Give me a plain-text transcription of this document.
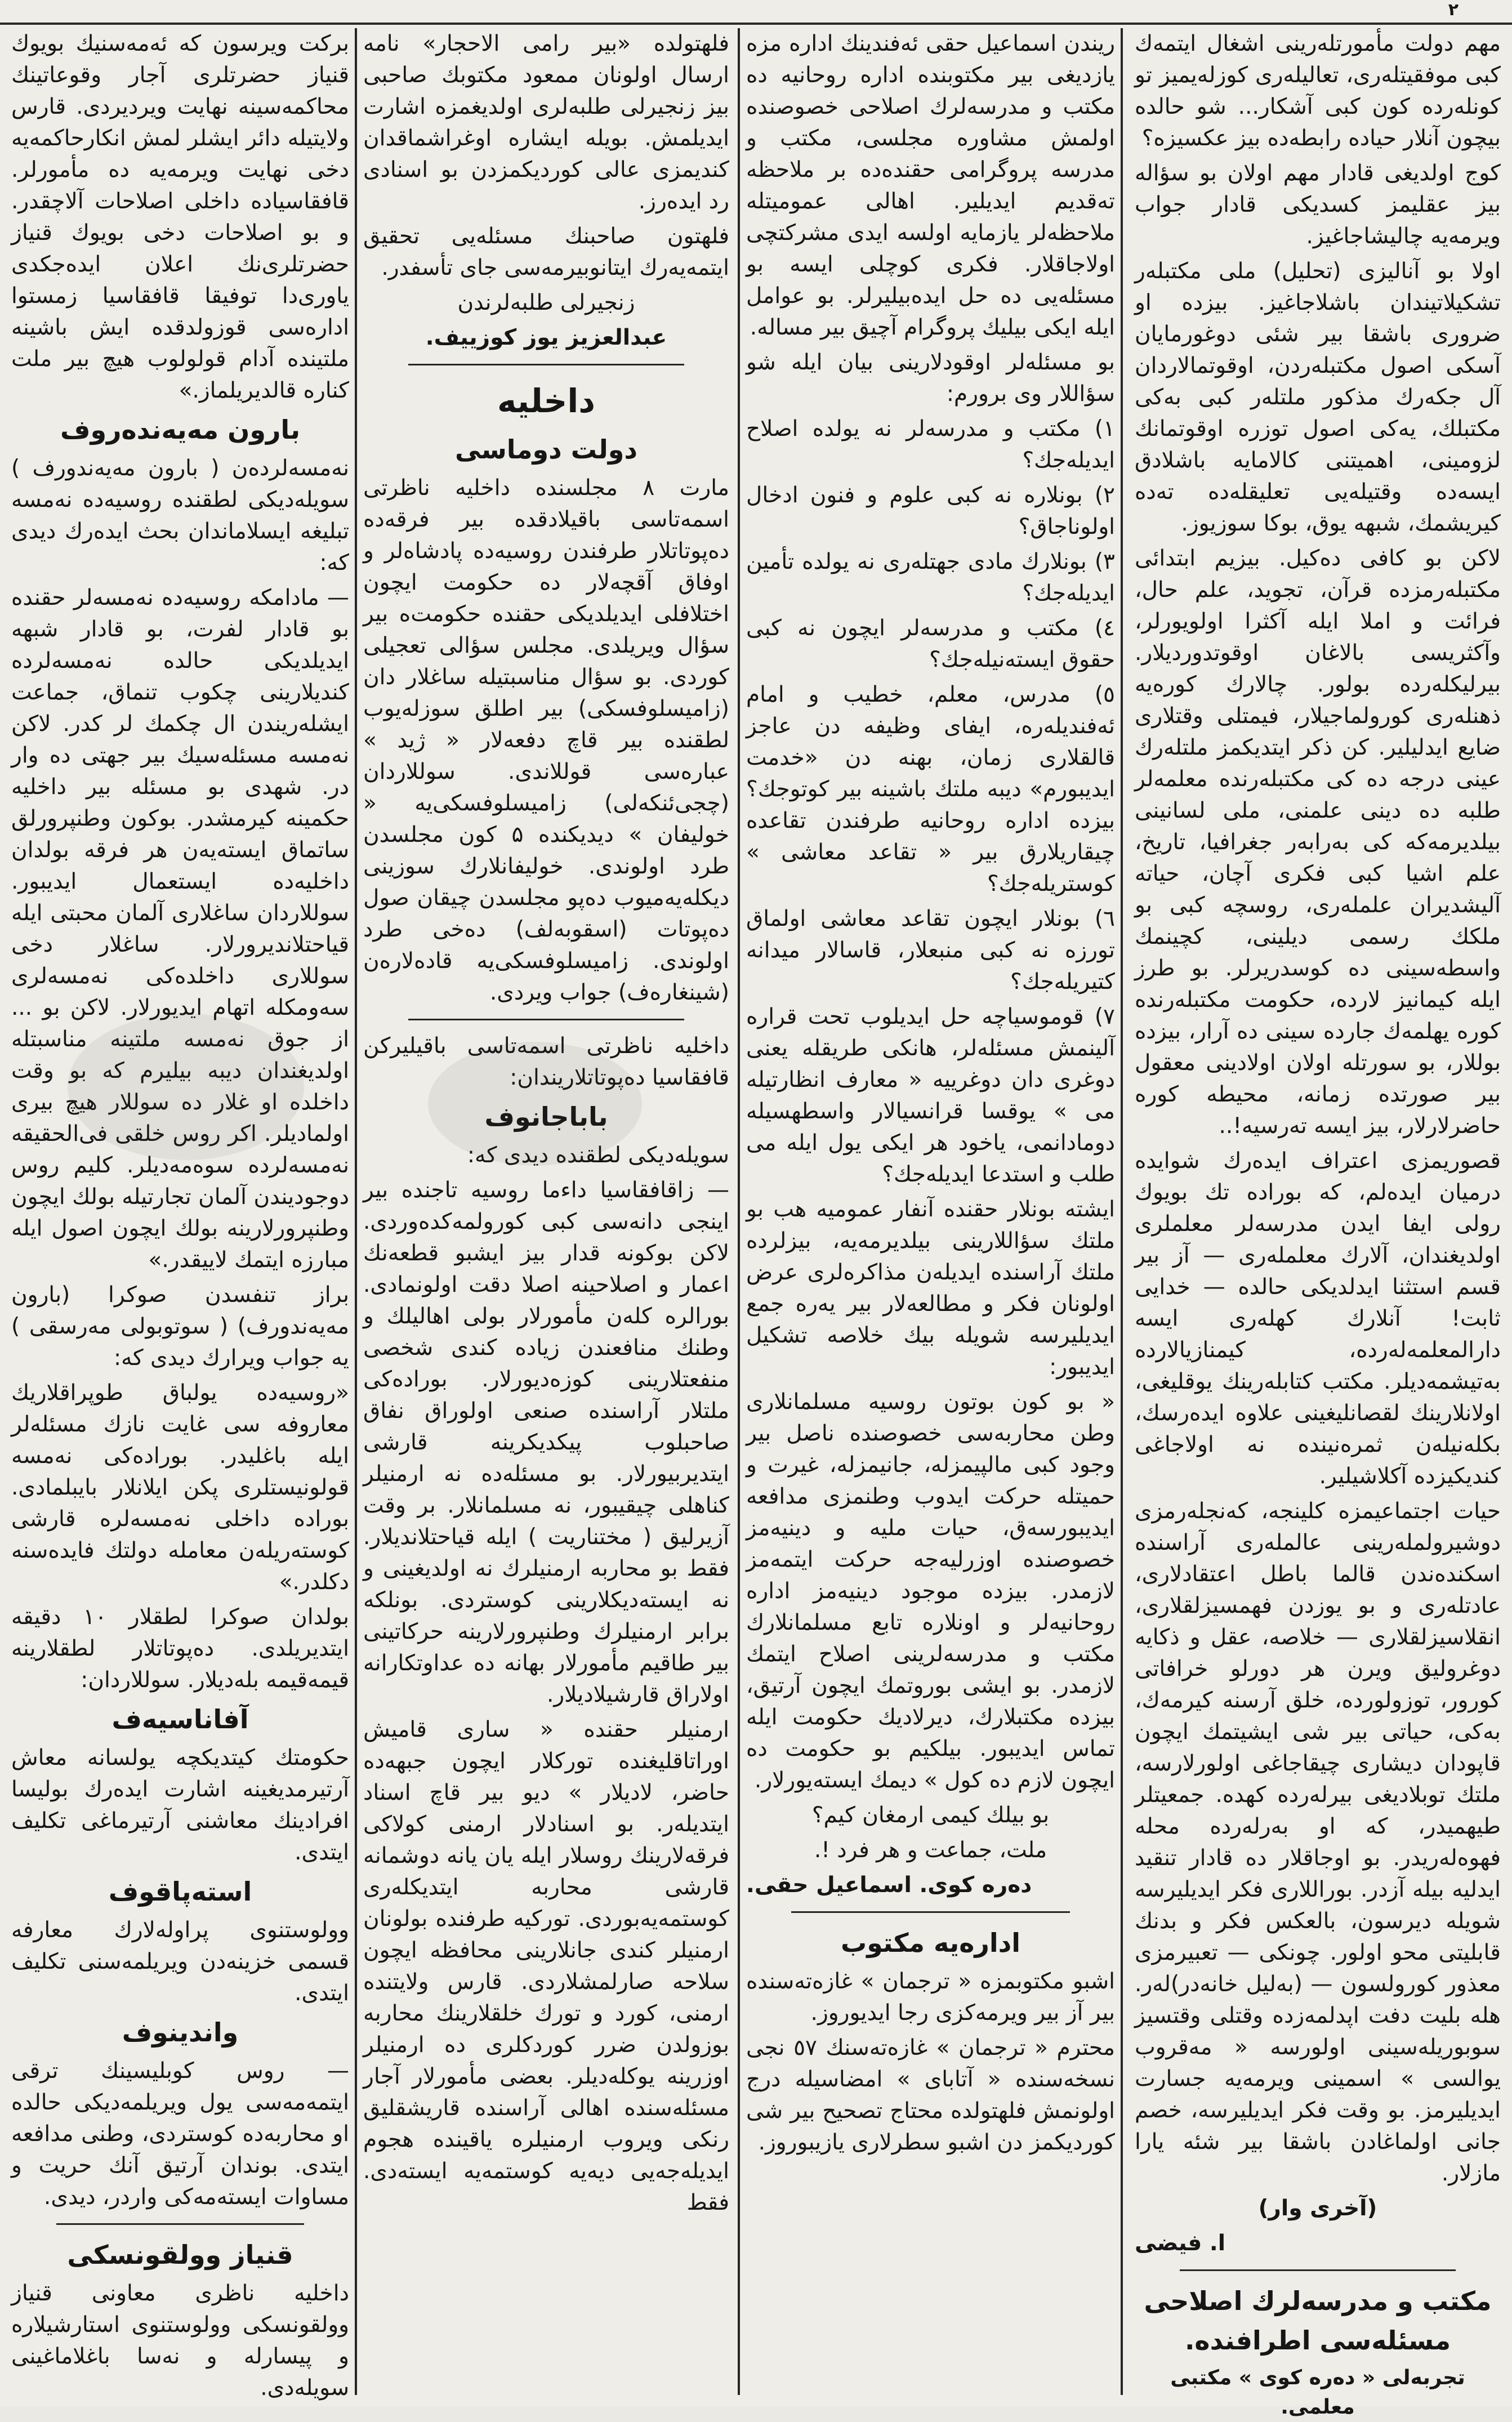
٢

مهم دولت مأمورتلەرینی اشغال ایتمەك کبی موفقیتلەری، تعالیلەری کوزلەیمیز تو کونلەرده کون کبی آشکار... شو حالده بیچون آنلار حیاده رابطەده بیز عکسیزه؟

کوج اولدیغی قادار مهم اولان بو سؤالە بیز عقلیمز کسدیکی قادار جواب ویرمەیه چالیشاجاغیز.

اولا بو آنالیزی (تحلیل) ملی مکتبلەر تشکیلاتیندان باشلاجاغیز. بیزده او ضروری باشقا بیر شئی دوغورمایان آسکی اصول مکتبلەردن، اوقوتمالاردان آل جکەرك مذکور ملتلەر کبی بەکی مکتبلك، یەکی اصول توزره اوقوتمانك لزومینی، اهمیتنی کالامایه باشلادق ایسەده وقتیلەیی تعلیقلەده تەده کیریشمك، شبهه یوق، بوکا سوزیوز.

لاکن بو کافی دەکیل. بیزیم ابتدائی مکتبلەرمزده قرآن، تجوید، علم حال، فرائت و املا ایله آکثرا اولویورلر، وآکثریسی بالاغان اوقوتدوردیلار. بیرلیکلەرده بولور. چالارك کورەیه ذهنلەری کورولماجیلار، فیمتلی وقتلاری ضایع ایدلیلیر. کن ذکر ایتدیکمز ملتلەرك عینی درجه ده کی مکتبلەرنده معلمەلر طلبه ده دینی علمنی، ملی لسانینی بیلدیرمەکه کی بەرابەر جغرافیا، تاریخ، علم اشیا کبی فکری آچان، حیاته آلیشدیران علملەری، روسچه کبی بو ملکك رسمی دیلینی، کچینمك واسطەسینی ده کوسدریرلر. بو طرز ایله کیمانیز لارده، حکومت مکتبلەرنده کوره یهلمەك جارده سینی ده آرار، بیزده بوللار، بو سورتله اولان اولادینی معقول بیر صورتده زمانه، محیطه کوره حاضرلارلار، بیز ایسه تەرسیه!..

قصوریمزی اعتراف ایدەرك شوایده درمیان ایدەلم، که بوراده تك بویوك رولی ایفا ایدن مدرسەلر معلملری اولدیغندان، آلارك معلملەری — آز بیر قسم استثنا ایدلدیکی حالده — خدایی ثابت! آنلارك کهلەری ایسه دارالمعلمەلەرده، کیمنازیالارده بەتیشمەدیلر. مکتب کتابلەرینك یوقلیغی، اولانلارینك لقصانلیغینی علاوه ایدەرسك، بکلەنیلەن ثمرەنیندە نه اولاجاغی کندیکیزده آکلاشیلیر.

حیات اجتماعیمزه کلینجه، کەنجلەرمزی دوشیرولملەرینی عالملەری آراسنده اسکندەندن قالما باطل اعتقادلاری، عادتلەری و بو یوزدن فهمسیزلقلاری، انقلاسیزلقلاری — خلاصه، عقل و ذکایه دوغرولیق ویرن هر دورلو خرافاتی کورور، توزولوردە، خلق آرسنه کیرمەك، بەکی، حیاتی بیر شی ایشیتمك ایچون قاپودان دیشاری چیقاجاغی اولورلارسه، ملتك توبلادیغی بیرلەرده کهده. جمعیتلر طیهمیدر، که او بەرلەرده محله فهوەلەریدر. بو اوجاقلار ده قادار تنقید ایدلیه بیله آزدر. بوراللاری فکر ایدیلیرسه شویله دیرسون، بالعکس فکر و بدنك قابلیتی محو اولور. چونکی — تعبیرمزی معذور کورولسون — (بەلیل خانەدر)لەر. هله بلیت دفت اپدلمەزده وقتلی وقتسیز سوبوریلەسینی اولورسه « مەقروب یوالسی » اسمینی ویرمەیه جسارت ایدیلیرمز. بو وقت فکر ایدیلیرسه، خصم جانی اولماغادن باشقا بیر شئه یارا مازلار.

(آخری وار)

ا. فیضی

مکتب و مدرسەلرك اصلاحی مسئلەسی اطرافنده.

تجربەلی « دەره کوی » مکتبی معلمی.

ریندن اسماعیل حقی ئەفندینك اداره مزه یازدیغی بیر مکتوبنده اداره روحانیه ده مکتب و مدرسەلرك اصلاحی خصوصنده اولمش مشاوره مجلسی، مکتب و مدرسه پروگرامی حقندەده بر ملاحظه تەقدیم ایدیلیر. اهالی عمومیتله ملاحظەلر یازمایه اولسه ایدی مشرکتچی اولاجاقلار. فکری کوچلی ایسه بو مسئلەیی ده حل ایدەبیلیرلر. بو عوامل ایله ایکی بیلیك پروگرام آچیق بیر مساله.

بو مسئلەلر اوقودلارینی بیان ایله شو سؤاللار وی برورم:

١) مکتب و مدرسەلر نه یولده اصلاح ایدیلەجك؟

٢) بونلاره نه کبی علوم و فنون ادخال اولوناجاق؟

٣) بونلارك مادی جهتلەری نه یولده تأمین ایدیلەجك؟

٤) مکتب و مدرسەلر ایچون نه کبی حقوق ایسته‌نیله‌جك؟

٥) مدرس، معلم، خطیب و امام ئەفندیلەره، ایفای وظیفه دن عاجز قالقلاری زمان، بهنه دن «خدمت ایدیبورم» دیبه ملتك باشینه بیر کوتوجك؟ بیزده اداره روحانیه طرفندن تقاعده چیقاریلارق بیر « تقاعد معاشی » کوستریلەجك؟

٦) بونلار ایچون تقاعد معاشی اولماق تورزه نه کبی منبعلار، قاسالار میدانه کتیریلەجك؟

٧) قوموسیاچه حل ایدیلوب تحت قراره آلینمش مسئلەلر، هانکی طریقله یعنی دوغری دان دوغرییه « معارف انظارتیله می » یوقسا قرانسیالار واسطهسیله دومادانمی، یاخود هر ایکی یول ایله می طلب و استدعا ایدیله‌جك؟

ایشته بونلار حقنده آنفار عمومیه هب بو ملتك سؤاللارینی بیلدیرمەیه، بیزلرده ملتك آراسنده ایدیلەن مذاکرەلری عرض اولونان فکر و مطالعه‌لار بیر یەره جمع ایدیلیرسه شویله بیك خلاصه تشکیل ایدیبور:

« بو کون بوتون روسیه مسلمانلاری وطن محاربه‌سی خصوصنده ناصل بیر وجود کبی مالپیمزله، جانیمزله، غیرت و حمیتله حرکت ایدوب وطنمزی مدافعه ایدیبورسه‌ق، حیات ملیه و دینیه‌مز خصوصنده اوزرلیه‌جه حرکت ایتمه‌مز لازمدر. بیزده موجود دینیه‌مز اداره روحانیه‌لر و اونلاره تابع مسلمانلارك مکتب و مدرسه‌لرینی اصلاح ایتمك لازمدر. بو ایشی بوروتمك ایچون آرتیق، بیزده مکتبلارك، دیرلادیك حکومت ایله تماس ایدیبور. بیلكیم بو حکومت ده ایچون لازم ده کول » دیمك ایسته‌یورلار.

بو بیلك کیمی ارمغان کیم؟

ملت، جماعت و هر فرد !.

دەره کوی. اسماعیل حقی.

اداره‌یه مکتوب

اشبو مکتوبمزه « ترجمان » غازەته‌سنده بیر آز بیر ویرمه‌کزی رجا ایدیوروز.

محترم « ترجمان » غازەته‌سنك ٥٧ نجی نسخه‌سنده « آتابای » امضاسیله درج اولونمش فلهتولده محتاج تصحیح بیر شی کوردیکمز دن اشبو سطرلاری یازیبوروز.

فلهتولده «بیر رامی الاحجار» نامه ارسال اولونان ممعود مکتوبك صاحبی بیز زنجیرلی طلبەلری اولدیغمزه اشارت ایدیلمش. بویله ایشاره اوغراشماقدان کندیمزی عالی کوردیکمزدن بو اسنادی رد ایدەرز.

فلهتون صاحبنك مسئله‌یی تحقیق ایتمه‌یه‌رك ایتانوبیرمه‌سی جای تأسفدر.

زنجیرلی طلبه‌لرندن

عبدالعزیز یوز کوزییف.

داخلیه

دولت دوماسی

مارت ٨ مجلسنده داخلیه ناظرتی اسمه‌تاسی باقیلادقده بیر فرقه‌ده دەپوتاتلار طرفندن روسیه‌ده پادشاه‌لر و اوفاق آقچه‌لار ده حکومت ایچون اختلافلی ایدیلدیکی حقنده حکومت‌ه بیر سؤال ویریلدی. مجلس سؤالی تعجیلی کوردی. بو سؤال مناسبتیله ساغلار دان (زامیسلوفسکی) بیر اطلق سوزلەیوب لطقنده بیر قاچ دفعه‌لار « ژید » عبارەسی قوللاندی. سوللاردان (چجی‌ئنکه‌لی) زامیسلوفسکی‌یه « خولیفان » دیدیکنده ۵ کون مجلسدن طرد اولوندی. خولیفانلارك سوزینی دیکلەیه‌میوب دەپو مجلسدن چیقان صول دەپوتات (اسقوبه‌لف) ده‌خی طرد اولوندی. زامیسلوفسکی‌یه قاده‌لاره‌ن (شینغاره‌ف) جواب ویردی.

داخلیه ناظرتی اسمه‌تاسی باقیلیرکن قافقاسیا دەپوتاتلاریندان:

باباجانوف

سویلەدیکی لطقنده دیدی که:

— زاقافقاسیا داءما روسیه تاجنده بیر اینجی دانه‌سی کبی کورولمه‌کده‌وردی. لاکن بوکونه قدار بیز ایشبو قطعه‌نك اعمار و اصلاحینه اصلا دقت اولونمادی. بورالره کلەن مأمورلار بولی اهالیلك و وطنك منافعندن زیاده کندی شخصی منفعتلارینی کوزه‌دیورلار. بوراده‌کی ملتلار آراسنده صنعی اولوراق نفاق صاحبلوب پیکدیکرینه قارشی ایتدیربیورلار. بو مسئله‌ده نه ارمنیلر کناهلی چیقیبور، نه مسلمانلار. بر وقت آزیرلیق ( مختناریت ) ایله قیاحتلاندیلار. فقط بو محاربه ارمنیلرك نه اولدیغینی و نه ایسته‌دیکلارینی کوستردی. بونلکه برابر ارمنیلرك وطنپرورلارینه حرکاتینی بیر طاقیم مأمورلار بهانه ده عداوتکارانه اولاراق قارشیلادیلار.

ارمنیلر حقنده « ساری قامیش اوراتاقلیغنده تورکلار ایچون جبهه‌ده حاضر، لادیلار » دیو بیر قاچ اسناد ایتدیلەر. بو اسنادلار ارمنی کولاکی فرقه‌لارینك روسلار ایله یان یانه دوشمانه قارشی محاربه ایتدیکلەری کوستمه‌یه‌بوردی. تورکیه طرفنده بولونان ارمنیلر کندی جانلارینی محافظه ایچون سلاحه صارلمشلاردی. قارس ولایتنده ارمنی، کورد و تورك خلقلارینك محاربه بوزولدن ضرر کوردکلری ده ارمنیلر اوزرینه یوکلەدیلر. بعضی مأمورلار آجار مسئله‌سنده اهالی آراسنده قاریشقلیق رنکی ویروب ارمنیلره یاقینده هجوم ایدیلەجه‌یی دیه‌یه کوستمه‌یه ایسته‌دی. فقط

بركت ویرسون که ئەمەسنیك بویوك قنیاز حضرتلری آجار وقوعاتینك محاکمه‌سینه نهایت ویردیردی. قارس ولایتیله دائر ایشلر لمش انکارحاکمه‌یه دخی نهایت ویرمه‌یه ده مأمورلر. قافقاسیاده داخلی اصلاحات آلاچقدر. و بو اصلاحات دخی بویوك قنیاز حضرتلری‌نك اعلان ایده‌جکدی یاوری‌دا توفیقا قافقاسیا زمستوا اداره‌سی قوزولدقده ایش باشینه ملتینده آدام قولولوب هیچ بیر ملت کناره قالدیریلماز.»

بارون مه‌یه‌ندەروف

نه‌مسه‌لرده‌ن ( بارون مه‌یه‌ندورف ) سویلەدیکی لطقنده روسیه‌ده نه‌مسه تبلیغه ایسلاماندان بحث ایدەرك دیدی که:

— مادامکه روسیه‌ده نه‌مسه‌لر حقنده بو قادار لفرت، بو قادار شبهه ایدیلدیکی حالده نه‌مسه‌لرده کندیلارینی چکوب تنماق، جماعت ایشله‌ریندن ال چکمك لر کدر. لاکن نه‌مسه مسئله‌سیك بیر جهتی ده وار در. شهدی بو مسئله بیر داخلیه حکمینه کیرمشدر. بوکون وطنپرورلق ساتماق ایسته‌یه‌ن هر فرقه بولدان داخلیه‌ده ایستعمال ایدیبور. سوللاردان ساغلاری آلمان محبتی ایله قیاحتلاندیرورلار. ساغلار دخی سوللاری داخلده‌کی نه‌مسه‌لری سه‌ومکله اتهام ایدیورلار. لاکن بو ... از جوق نه‌مسه ملتینه مناسبتله اولدیغندان دیبه بیلیرم که بو وقت داخلده او غلار ده سوللار هیچ بیری اولمادیلر. اکر روس خلقی فی‌الحقیقه نه‌مسه‌لرده سوه‌مه‌دیلر. کلیم روس دوجودیندن آلمان تجارتیله بولك ایچون وطنپرورلارینه بولك ایچون اصول ایله مبارزه ایتمك لاییقدر.»

براز تنفسدن صوکرا (بارون مه‌یه‌ندورف) ( سوتوبولی مه‌رسقی ) یه جواب ویرارك دیدی که:

«روسیه‌ده یولباق طوپراقلاریك معاروفه سی غایت نازك مسئله‌لر ایله باغلیدر. بوراده‌کی نه‌مسه قولونیستلری پکن ایلانلار بایبلمادی. بوراده داخلی نه‌مسه‌لره قارشی کوسته‌ریلەن معامله دولتك فایده‌سنه دکلدر.»

بولدان صوکرا لطقلار ١٠ دقیقه ایتدیریلدی. دەپوتاتلار لطقلارینه قیمه‌قیمه بلەدیلار. سوللاردان:

آفاناسیه‌ف

حکومتك کیتدیکچه یولسانه معاش آرتیرمدیغینه اشارت ایدەرك بولیسا افرادینك معاشنی آرتیرماغی تکلیف ایتدی.

استه‌پاقوف

وولوستنوی پراوله‌لارك معارفه قسمی خزینه‌دن ویریلمه‌سنی تکلیف ایتدی.

واندینوف

— روس کوبلیسینك ترقی ایتمه‌مه‌سی یول ویریلمه‌دیکی حالده او محاربه‌ده کوستردی، وطنی مدافعه ایتدی. بوندان آرتیق آنك حریت و مساوات ایسته‌مه‌کی واردر، دیدی.

قنیاز وولقونسکی

داخلیه ناظری معاونی قنیاز وولقونسکی وولوستنوی استارشیلاره و پیسارله و نه‌سا باغلاماغینی سویله‌دی.
